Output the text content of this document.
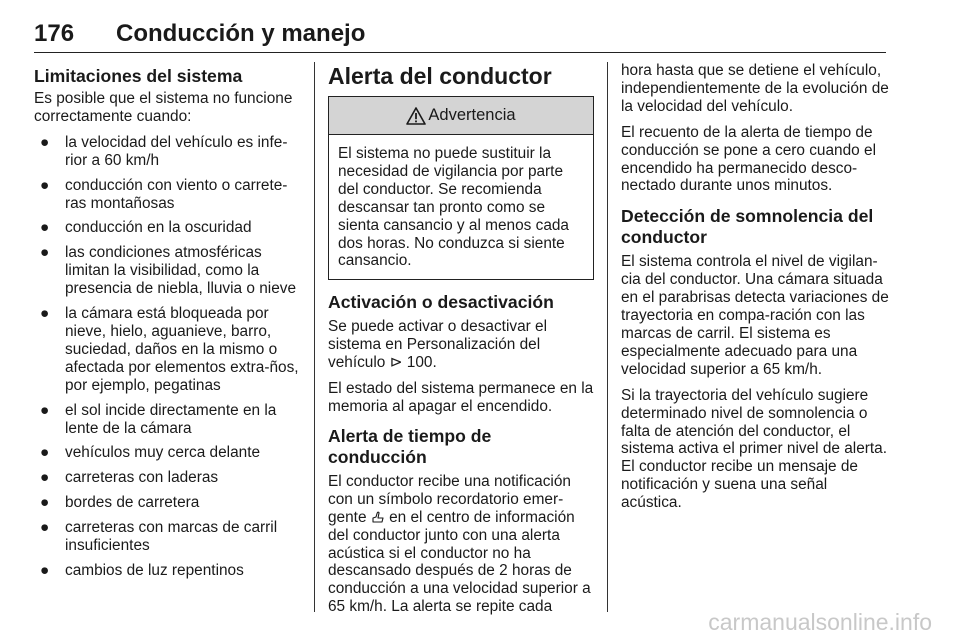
176 Conducción y manejo
Limitaciones del sistema

Es posible que el sistema no funcione correctamente cuando:

● la velocidad del vehículo es infe-rior a 60 km/h
● conducción con viento o carrete-ras montañosas
● conducción en la oscuridad
● las condiciones atmosféricas limitan la visibilidad, como la presencia de niebla, lluvia o nieve
● la cámara está bloqueada por nieve, hielo, aguanieve, barro, suciedad, daños en la mismo o afectada por elementos extra-ños, por ejemplo, pegatinas
● el sol incide directamente en la lente de la cámara
● vehículos muy cerca delante
● carreteras con laderas
● bordes de carretera
● carreteras con marcas de carril insuficientes
● cambios de luz repentinos
Alerta del conductor
Advertencia
El sistema no puede sustituir la necesidad de vigilancia por parte del conductor. Se recomienda descansar tan pronto como se sienta cansancio y al menos cada dos horas. No conduzca si siente cansancio.
Activación o desactivación

Se puede activar o desactivar el sistema en Personalización del vehículo ⊳ 100.

El estado del sistema permanece en la memoria al apagar el encendido.

Alerta de tiempo de conducción

El conductor recibe una notificación con un símbolo recordatorio emer-gente  en el centro de información del conductor junto con una alerta acústica si el conductor no ha descansado después de 2 horas de conducción a una velocidad superior a 65 km/h. La alerta se repite cada

hora hasta que se detiene el vehículo, independientemente de la evolución de la velocidad del vehículo.

El recuento de la alerta de tiempo de conducción se pone a cero cuando el encendido ha permanecido desco-nectado durante unos minutos.

Detección de somnolencia del conductor

El sistema controla el nivel de vigilan-cia del conductor. Una cámara situada en el parabrisas detecta variaciones de trayectoria en compa-ración con las marcas de carril. El sistema es especialmente adecuado para una velocidad superior a 65 km/h.

Si la trayectoria del vehículo sugiere determinado nivel de somnolencia o falta de atención del conductor, el sistema activa el primer nivel de alerta. El conductor recibe un mensaje de notificación y suena una señal acústica.

carmanualsonline.info
